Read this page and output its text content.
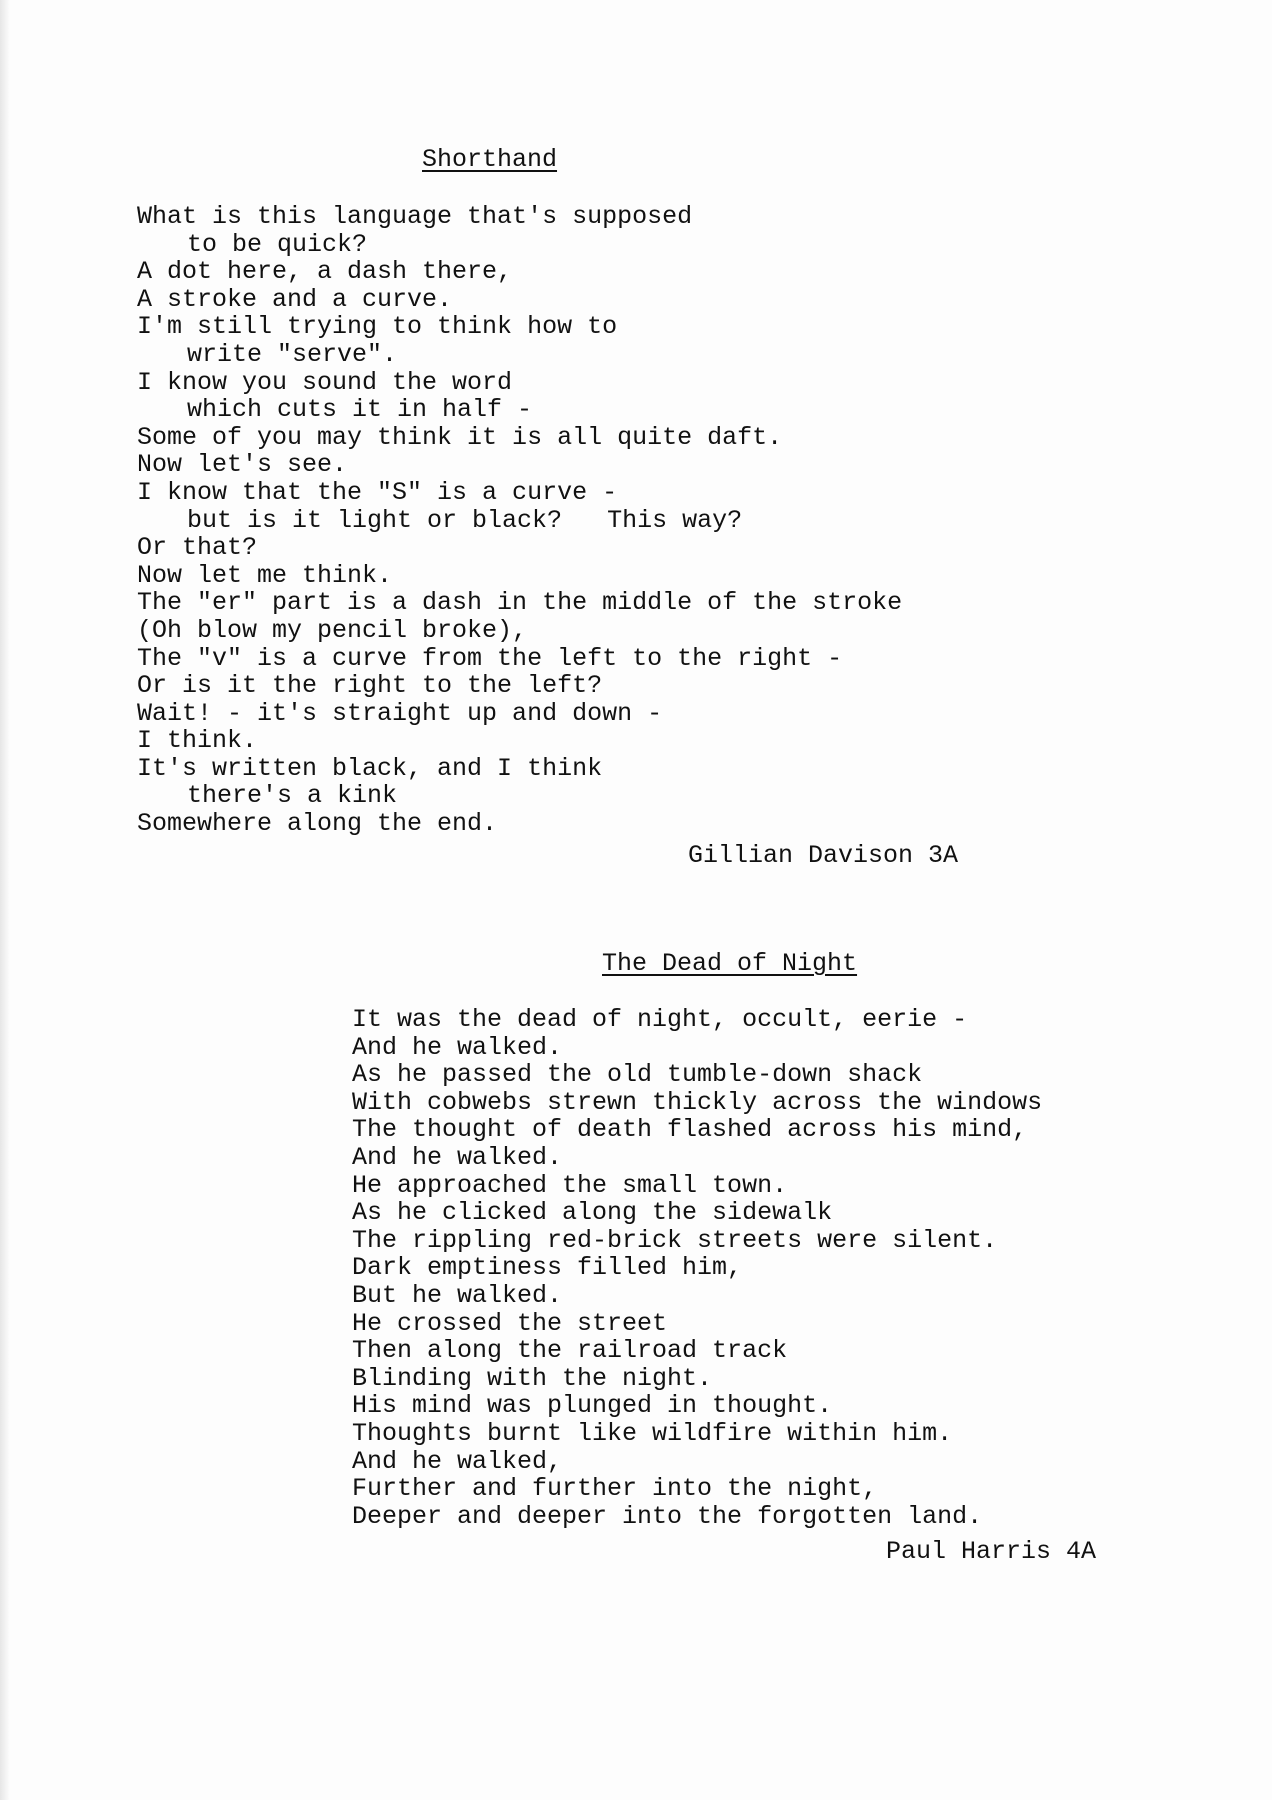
Shorthand
What is this language that's supposed
to be quick?
A dot here, a dash there,
A stroke and a curve.
I'm still trying to think how to
write "serve".
I know you sound the word
which cuts it in half -
Some of you may think it is all quite daft.
Now let's see.
I know that the "S" is a curve -
but is it light or black?   This way?
Or that?
Now let me think.
The "er" part is a dash in the middle of the stroke
(Oh blow my pencil broke),
The "v" is a curve from the left to the right -
Or is it the right to the left?
Wait! - it's straight up and down -
I think.
It's written black, and I think
there's a kink
Somewhere along the end.
Gillian Davison 3A
The Dead of Night
It was the dead of night, occult, eerie -
And he walked.
As he passed the old tumble-down shack
With cobwebs strewn thickly across the windows
The thought of death flashed across his mind,
And he walked.
He approached the small town.
As he clicked along the sidewalk
The rippling red-brick streets were silent.
Dark emptiness filled him,
But he walked.
He crossed the street
Then along the railroad track
Blinding with the night.
His mind was plunged in thought.
Thoughts burnt like wildfire within him.
And he walked,
Further and further into the night,
Deeper and deeper into the forgotten land.
Paul Harris 4A
